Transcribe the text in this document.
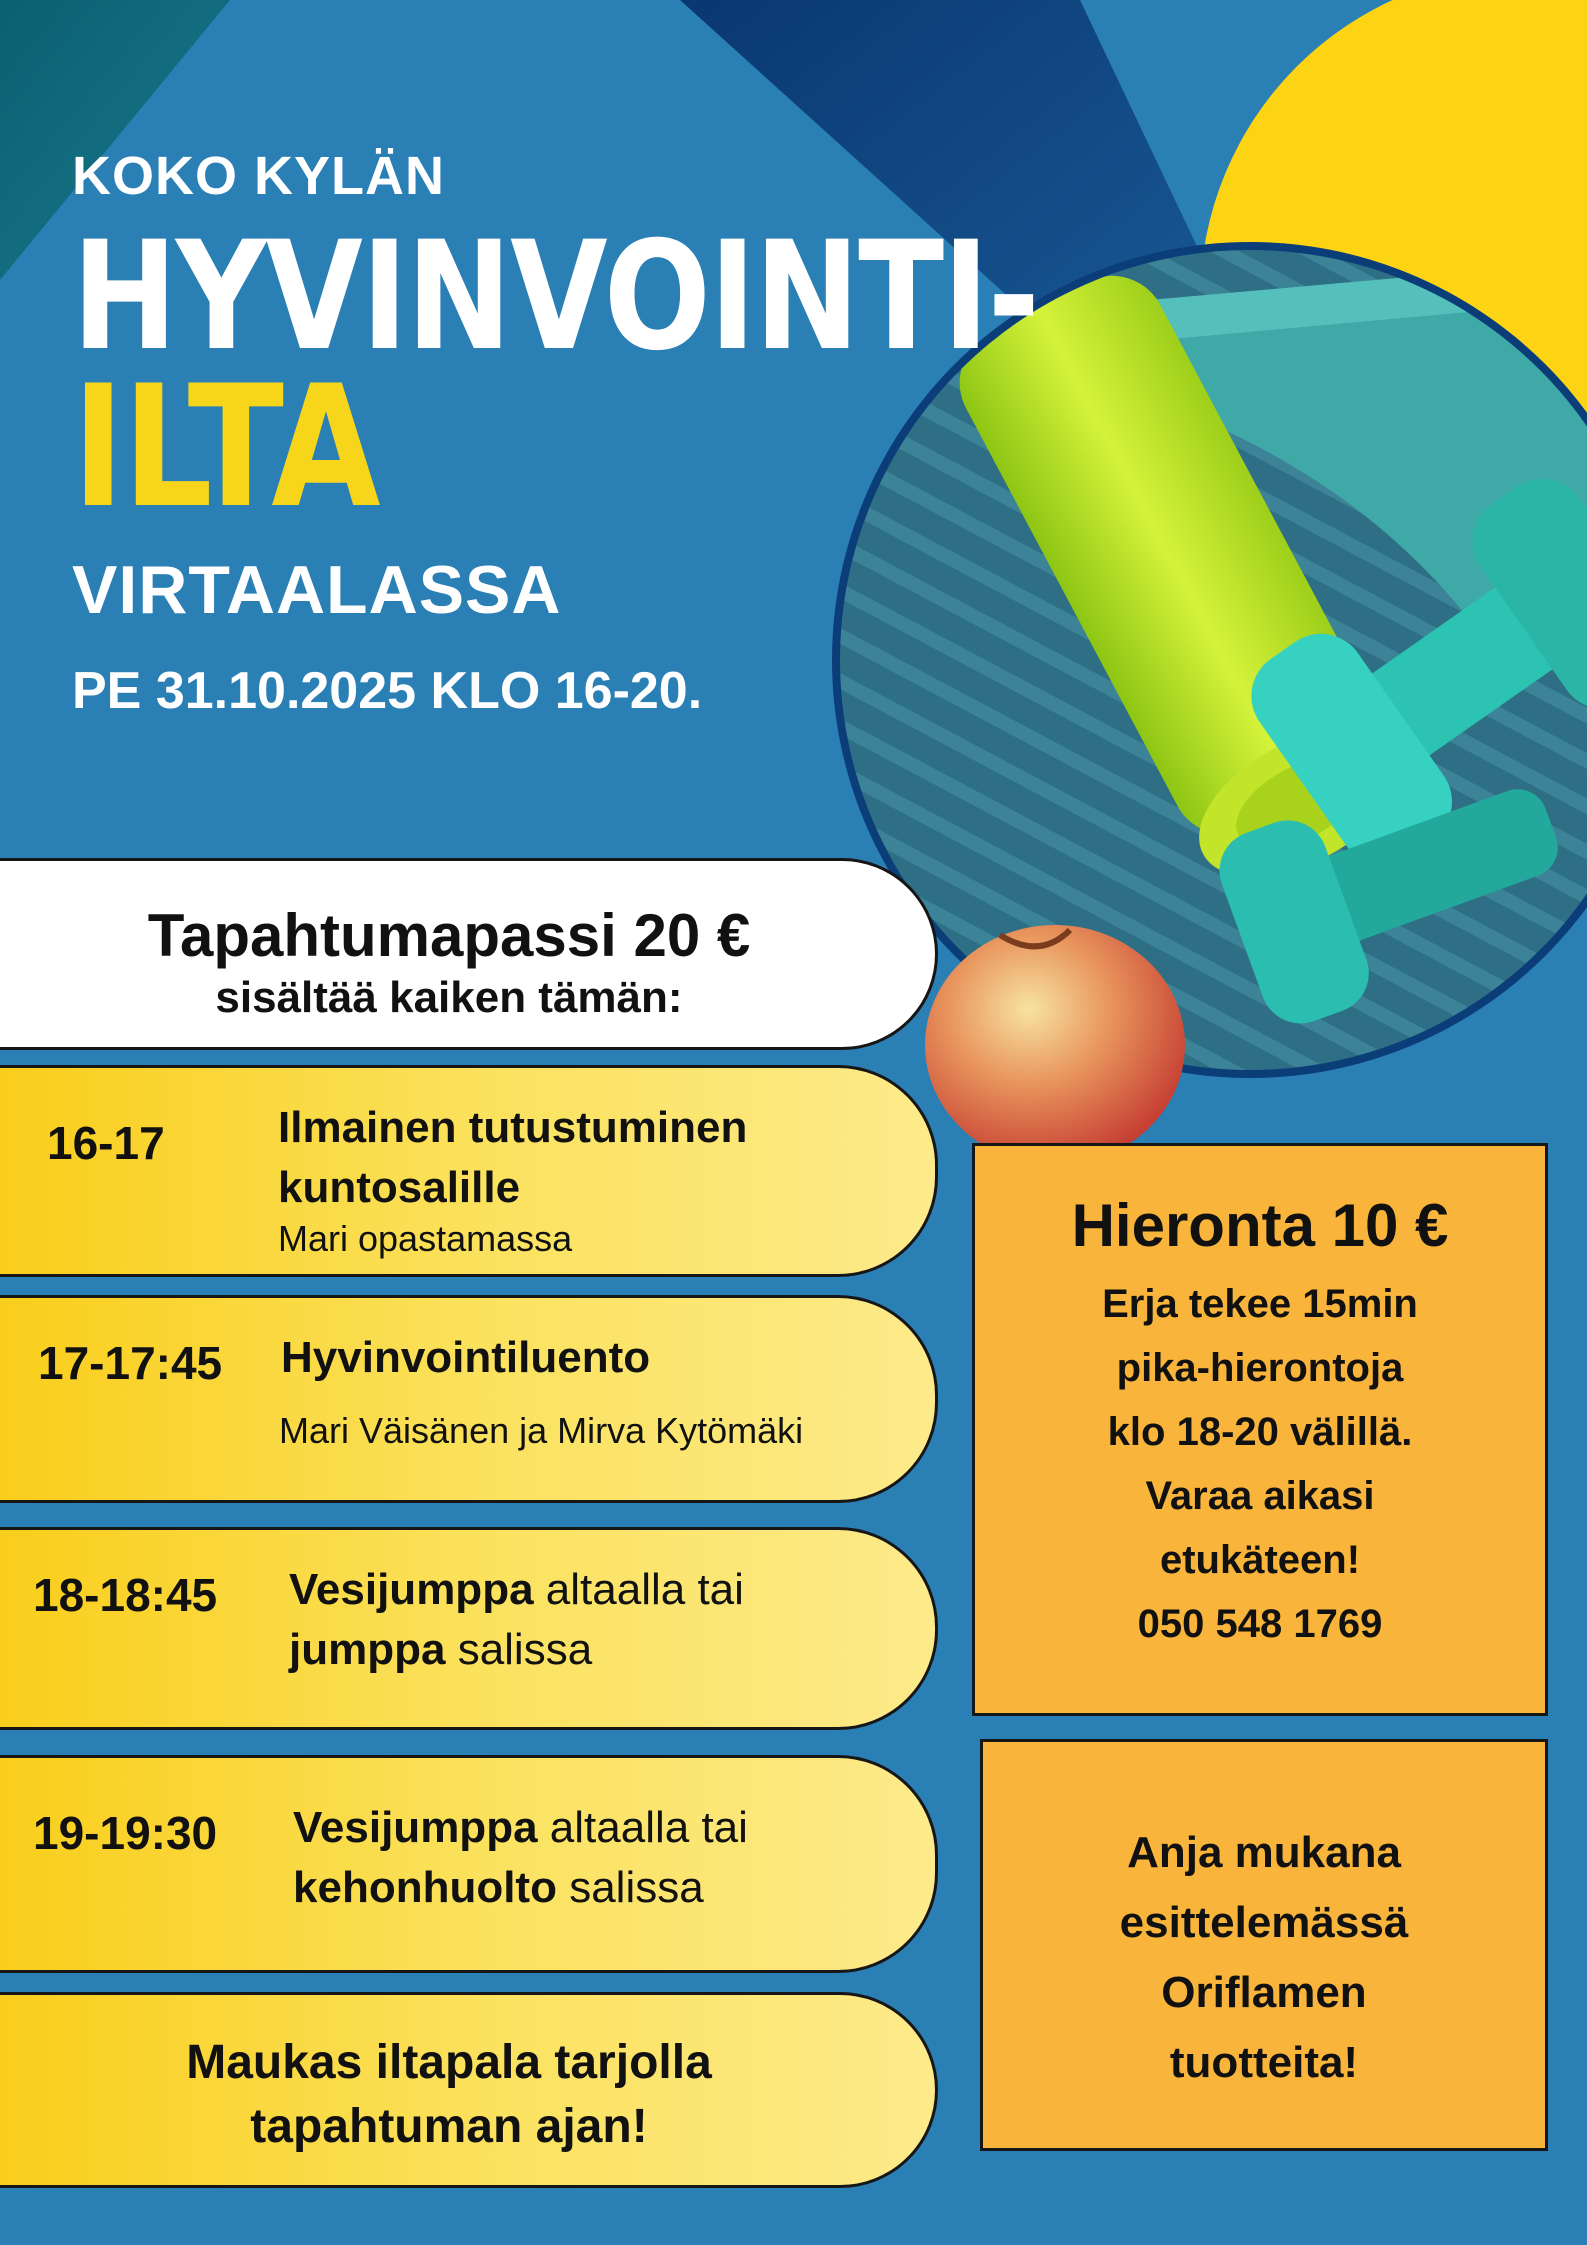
KOKO KYLÄN
HYVINVOINTI-
ILTA
VIRTAALASSA
PE 31.10.2025 KLO 16-20.
Tapahtumapassi 20 €
sisältää kaiken tämän:
16-17	Ilmainen tutustuminen kuntosalille
Mari opastamassa
17-17:45 Hyvinvointiluento
Mari Väisänen ja Mirva Kytömäki
18-18:45 Vesijumppa altaalla tai
jumppa salissa
19-19:30 Vesijumppa altaalla tai
kehonhuolto salissa
Maukas iltapala tarjolla
tapahtuman ajan!
Hieronta 10 €
Erja tekee 15min
pika-hierontoja
klo 18-20 välillä.
Varaa aikasi
etukäteen!
050 548 1769
Anja mukana
esittelemässä
Oriflamen
tuotteita!
